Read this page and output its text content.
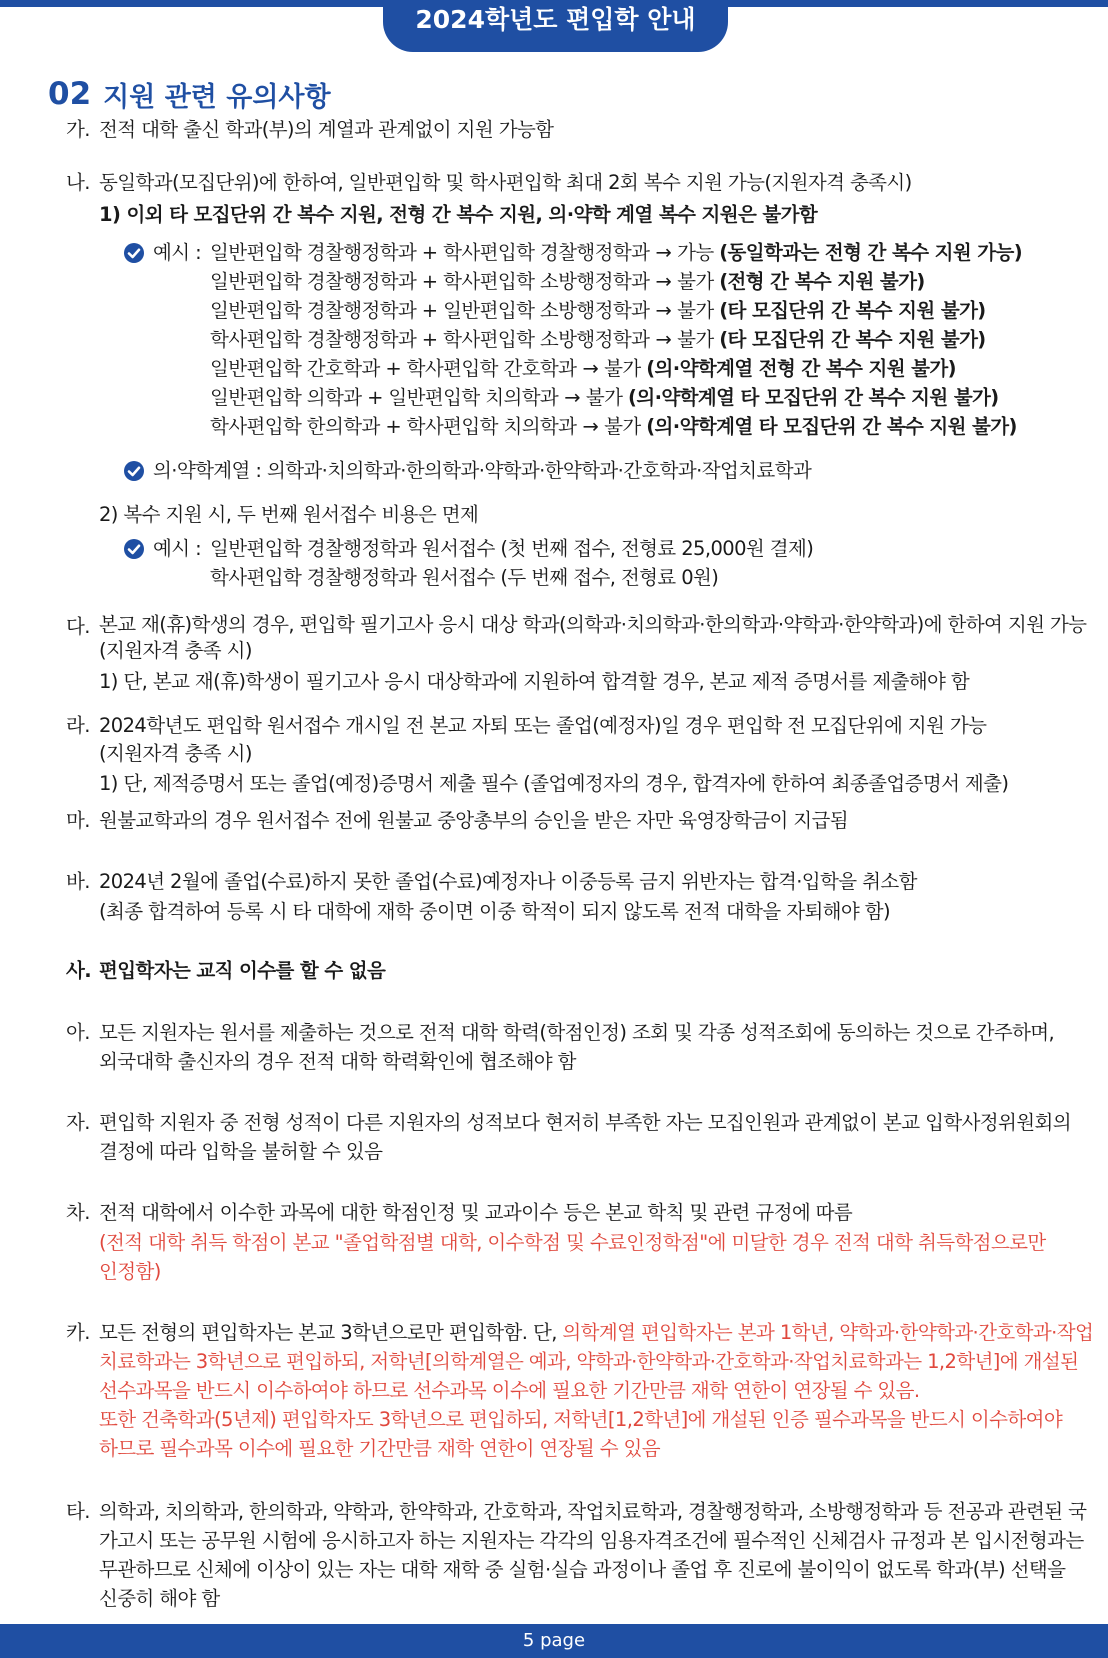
2024학년도 편입학 안내
02 지원 관련 유의사항
가. 전적 대학 출신 학과(부)의 계열과 관계없이 지원 가능함
나. 동일학과(모집단위)에 한하여, 일반편입학 및 학사편입학 최대 2회 복수 지원 가능(지원자격 충족시)
1) 이외 타 모집단위 간 복수 지원, 전형 간 복수 지원, 의·약학 계열 복수 지원은 불가함
예시 : 일반편입학 경찰행정학과 + 학사편입학 경찰행정학과 → 가능 (동일학과는 전형 간 복수 지원 가능)
일반편입학 경찰행정학과 + 학사편입학 소방행정학과 → 불가 (전형 간 복수 지원 불가)
일반편입학 경찰행정학과 + 일반편입학 소방행정학과 → 불가 (타 모집단위 간 복수 지원 불가)
학사편입학 경찰행정학과 + 학사편입학 소방행정학과 → 불가 (타 모집단위 간 복수 지원 불가)
일반편입학 간호학과 + 학사편입학 간호학과 → 불가 (의·약학계열 전형 간 복수 지원 불가)
일반편입학 의학과 + 일반편입학 치의학과 → 불가 (의·약학계열 타 모집단위 간 복수 지원 불가)
학사편입학 한의학과 + 학사편입학 치의학과 → 불가 (의·약학계열 타 모집단위 간 복수 지원 불가)
의·약학계열 : 의학과·치의학과·한의학과·약학과·한약학과·간호학과·작업치료학과
2) 복수 지원 시, 두 번째 원서접수 비용은 면제
예시 : 일반편입학 경찰행정학과 원서접수 (첫 번째 접수, 전형료 25,000원 결제)
학사편입학 경찰행정학과 원서접수 (두 번째 접수, 전형료 0원)
다. 본교 재(휴)학생의 경우, 편입학 필기고사 응시 대상 학과(의학과·치의학과·한의학과·약학과·한약학과)에 한하여 지원 가능
(지원자격 충족 시)
1) 단, 본교 재(휴)학생이 필기고사 응시 대상학과에 지원하여 합격할 경우, 본교 제적 증명서를 제출해야 함
라. 2024학년도 편입학 원서접수 개시일 전 본교 자퇴 또는 졸업(예정자)일 경우 편입학 전 모집단위에 지원 가능
(지원자격 충족 시)
1) 단, 제적증명서 또는 졸업(예정)증명서 제출 필수 (졸업예정자의 경우, 합격자에 한하여 최종졸업증명서 제출)
마. 원불교학과의 경우 원서접수 전에 원불교 중앙총부의 승인을 받은 자만 육영장학금이 지급됨
바. 2024년 2월에 졸업(수료)하지 못한 졸업(수료)예정자나 이중등록 금지 위반자는 합격·입학을 취소함
(최종 합격하여 등록 시 타 대학에 재학 중이면 이중 학적이 되지 않도록 전적 대학을 자퇴해야 함)
사. 편입학자는 교직 이수를 할 수 없음
아. 모든 지원자는 원서를 제출하는 것으로 전적 대학 학력(학점인정) 조회 및 각종 성적조회에 동의하는 것으로 간주하며,
외국대학 출신자의 경우 전적 대학 학력확인에 협조해야 함
자. 편입학 지원자 중 전형 성적이 다른 지원자의 성적보다 현저히 부족한 자는 모집인원과 관계없이 본교 입학사정위원회의
결정에 따라 입학을 불허할 수 있음
차. 전적 대학에서 이수한 과목에 대한 학점인정 및 교과이수 등은 본교 학칙 및 관련 규정에 따름
(전적 대학 취득 학점이 본교 "졸업학점별 대학, 이수학점 및 수료인정학점"에 미달한 경우 전적 대학 취득학점으로만
인정함)
카. 모든 전형의 편입학자는 본교 3학년으로만 편입학함. 단, 의학계열 편입학자는 본과 1학년, 약학과·한약학과·간호학과·작업
치료학과는 3학년으로 편입하되, 저학년[의학계열은 예과, 약학과·한약학과·간호학과·작업치료학과는 1,2학년]에 개설된
선수과목을 반드시 이수하여야 하므로 선수과목 이수에 필요한 기간만큼 재학 연한이 연장될 수 있음.
또한 건축학과(5년제) 편입학자도 3학년으로 편입하되, 저학년[1,2학년]에 개설된 인증 필수과목을 반드시 이수하여야
하므로 필수과목 이수에 필요한 기간만큼 재학 연한이 연장될 수 있음
타. 의학과, 치의학과, 한의학과, 약학과, 한약학과, 간호학과, 작업치료학과, 경찰행정학과, 소방행정학과 등 전공과 관련된 국
가고시 또는 공무원 시험에 응시하고자 하는 지원자는 각각의 임용자격조건에 필수적인 신체검사 규정과 본 입시전형과는
무관하므로 신체에 이상이 있는 자는 대학 재학 중 실험·실습 과정이나 졸업 후 진로에 불이익이 없도록 학과(부) 선택을
신중히 해야 함
5 page
